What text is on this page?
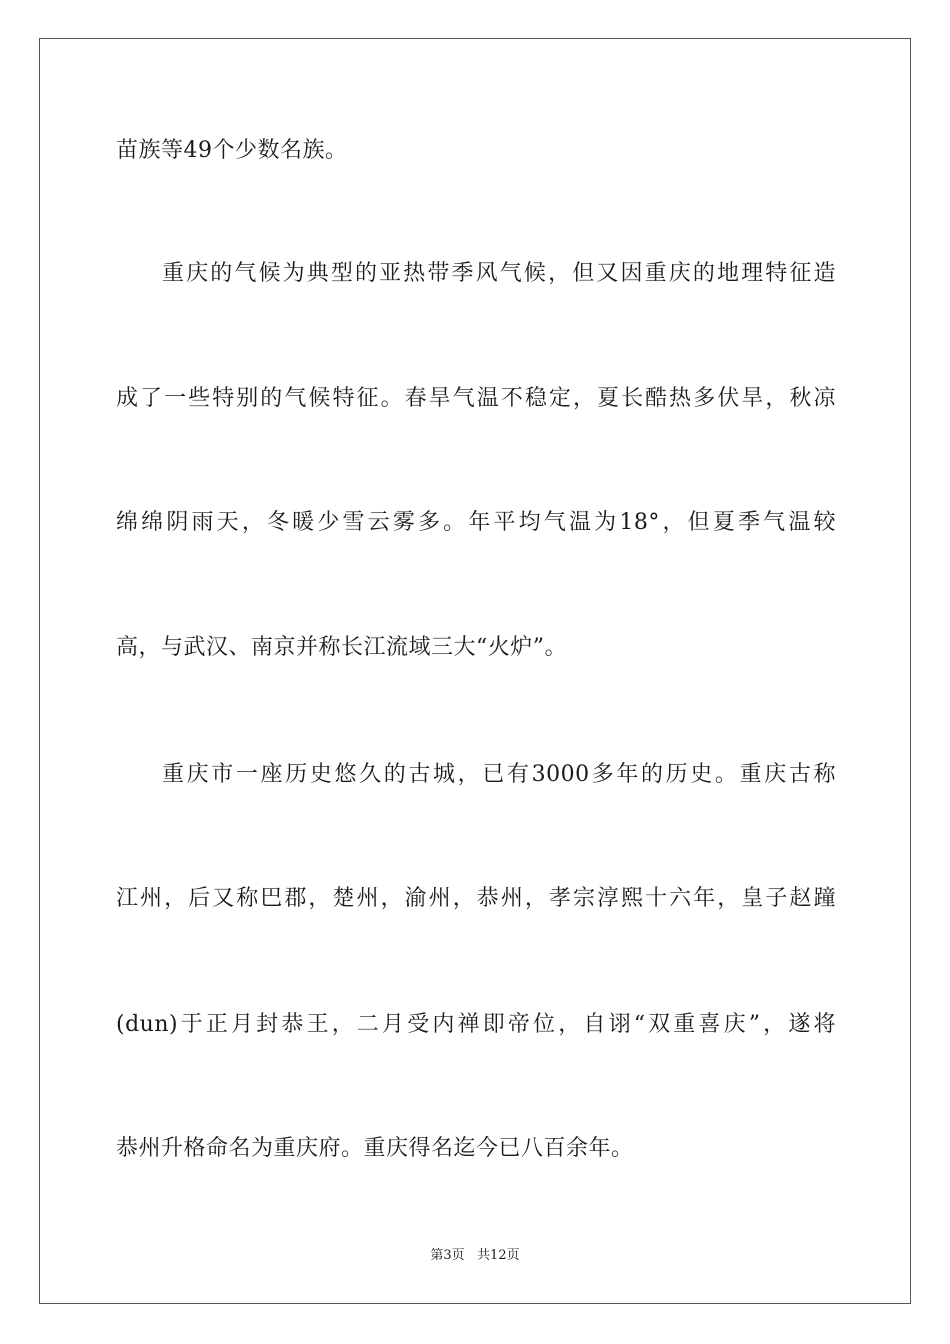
苗族等49个少数名族。
重庆的气候为典型的亚热带季风气候，但又因重庆的地理特征造
成了一些特别的气候特征。春旱气温不稳定，夏长酷热多伏旱，秋凉
绵绵阴雨天，冬暖少雪云雾多。年平均气温为18°，但夏季气温较
高，与武汉、南京并称长江流域三大“火炉”。
重庆市一座历史悠久的古城，已有3000多年的历史。重庆古称
江州，后又称巴郡，楚州，渝州，恭州，孝宗淳熙十六年，皇子赵蹱
(dun)于正月封恭王，二月受内禅即帝位，自诩“双重喜庆”，遂将
恭州升格命名为重庆府。重庆得名迄今已八百余年。
第3页   共12页
